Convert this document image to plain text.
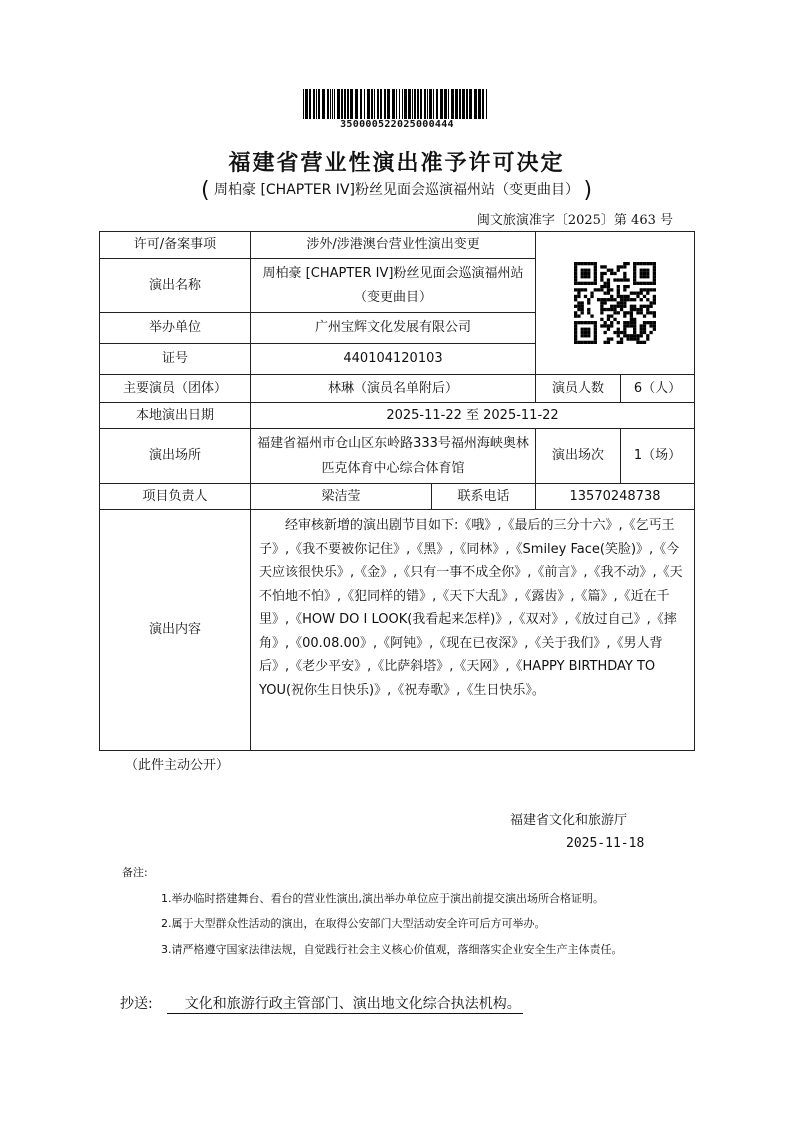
350000522025000444
福建省营业性演出准予许可决定
( 周柏豪 [CHAPTER IV]粉丝见面会巡演福州站（变更曲目） )
闽文旅演准字〔2025〕第 463 号
许可/备案事项	涉外/涉港澳台营业性演出变更	

演出名称	周柏豪 [CHAPTER IV]粉丝见面会巡演福州站（变更曲目）			
举办单位	广州宝辉文化发展有限公司			
证号	440104120103			
主要演员（团体）	林琳（演员名单附后）		演员人数	6（人）
本地演出日期	2025-11-22 至 2025-11-22			
演出场所	福建省福州市仓山区东岭路333号福州海峡奥林匹克体育中心综合体育馆		演出场次	1（场）
项目负责人	梁洁莹	联系电话	13570248738	
演出内容	经审核新增的演出剧节目如下:《哦》,《最后的三分十六》,《乞丐王子》,《我不要被你记住》,《黑》,《同林》,《Smiley Face(笑脸)》,《今天应该很快乐》,《金》,《只有一事不成全你》,《前言》,《我不动》,《天不怕地不怕》,《犯同样的错》,《天下大乱》,《露齿》,《篇》,《近在千里》,《HOW DO I LOOK(我看起来怎样)》,《双对》,《放过自己》,《摔角》,《00.08.00》,《阿钝》,《现在已夜深》,《关于我们》,《男人背后》,《老少平安》,《比萨斜塔》,《天网》,《HAPPY BIRTHDAY TO YOU(祝你生日快乐)》,《祝寿歌》,《生日快乐》。			
（此件主动公开）
福建省文化和旅游厅
2025-11-18
备注:
1.举办临时搭建舞台、看台的营业性演出,演出举办单位应于演出前提交演出场所合格证明。
2.属于大型群众性活动的演出，在取得公安部门大型活动安全许可后方可举办。
3.请严格遵守国家法律法规，自觉践行社会主义核心价值观，落细落实企业安全生产主体责任。
抄送: 文化和旅游行政主管部门、演出地文化综合执法机构。
